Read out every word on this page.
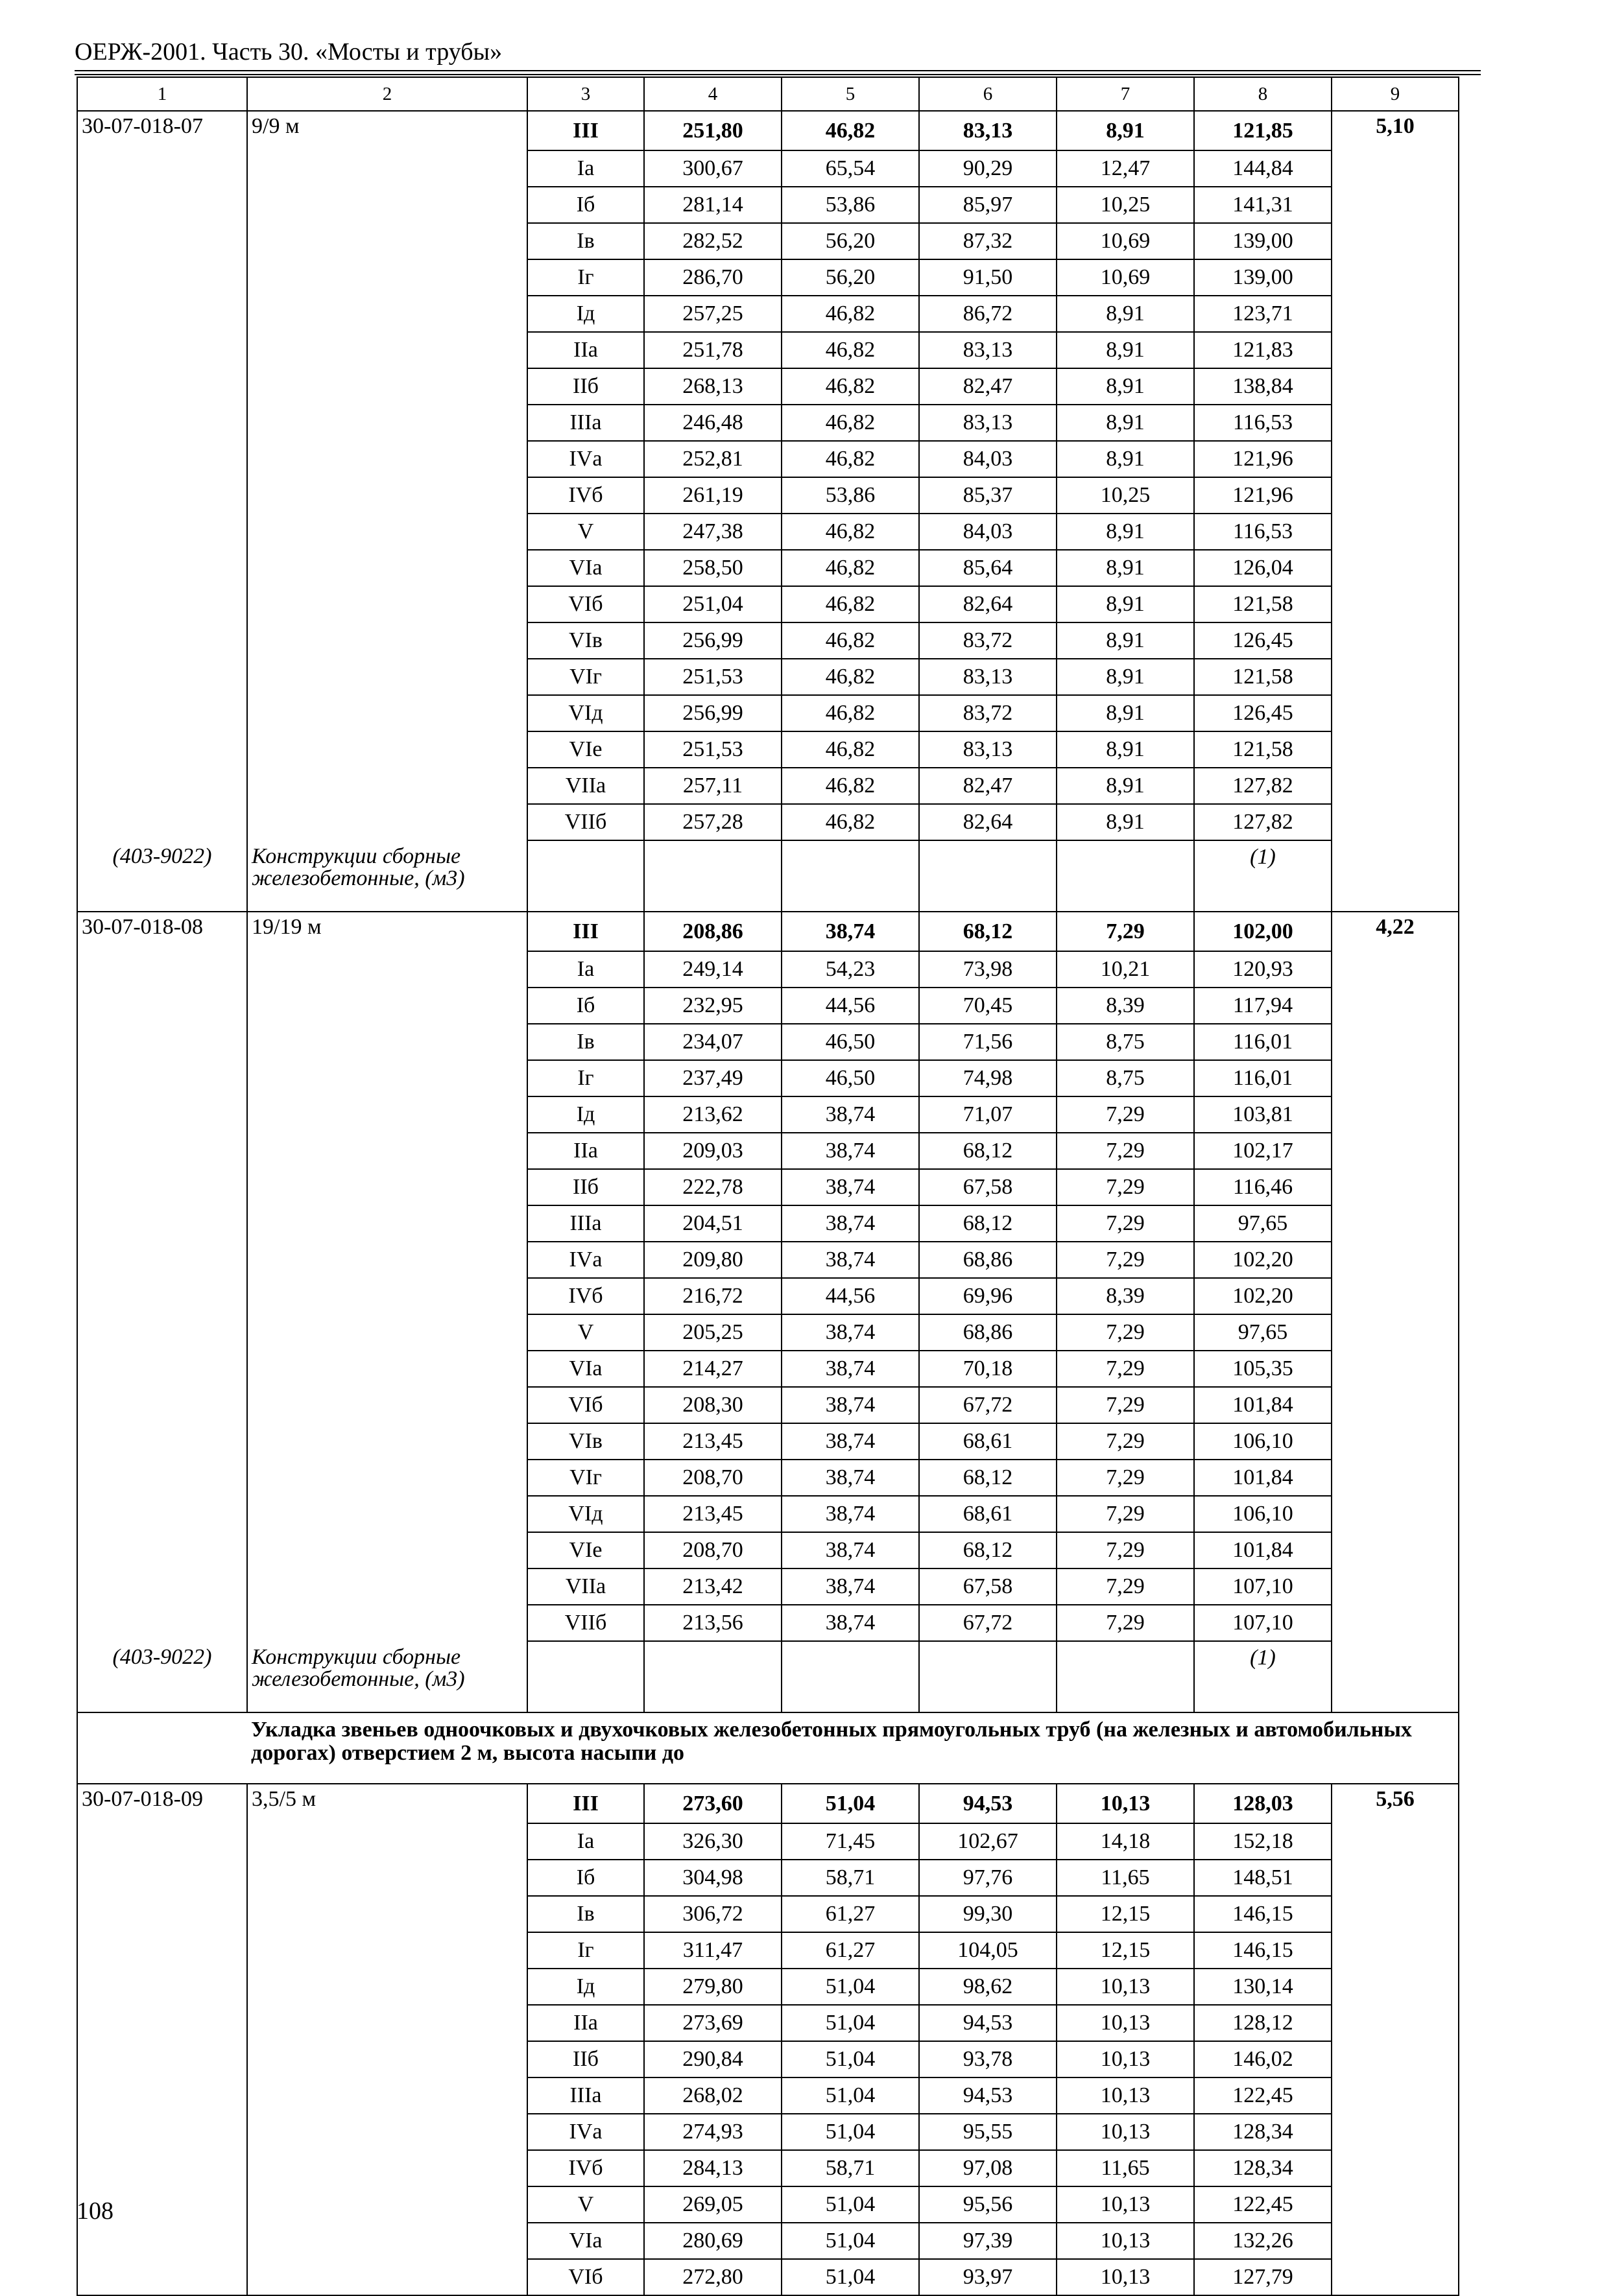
ОЕРЖ-2001. Часть 30. «Мосты и трубы»
1	2	3	4	5	6	7	8	9
30-07-018-07	9/9 м	III	251,80	46,82	83,13	8,91	121,85	5,10
		Iа	300,67	65,54	90,29	12,47	144,84	
		Iб	281,14	53,86	85,97	10,25	141,31	
		Iв	282,52	56,20	87,32	10,69	139,00	
		Iг	286,70	56,20	91,50	10,69	139,00	
		Iд	257,25	46,82	86,72	8,91	123,71	
		IIа	251,78	46,82	83,13	8,91	121,83	
		IIб	268,13	46,82	82,47	8,91	138,84	
		IIIа	246,48	46,82	83,13	8,91	116,53	
		IVа	252,81	46,82	84,03	8,91	121,96	
		IVб	261,19	53,86	85,37	10,25	121,96	
		V	247,38	46,82	84,03	8,91	116,53	
		VIа	258,50	46,82	85,64	8,91	126,04	
		VIб	251,04	46,82	82,64	8,91	121,58	
		VIв	256,99	46,82	83,72	8,91	126,45	
		VIг	251,53	46,82	83,13	8,91	121,58	
		VIд	256,99	46,82	83,72	8,91	126,45	
		VIе	251,53	46,82	83,13	8,91	121,58	
		VIIа	257,11	46,82	82,47	8,91	127,82	
		VIIб	257,28	46,82	82,64	8,91	127,82	
(403-9022)	Конструкции сборные железобетонные, (м3)						(1)	
30-07-018-08	19/19 м	III	208,86	38,74	68,12	7,29	102,00	4,22
		Iа	249,14	54,23	73,98	10,21	120,93	
		Iб	232,95	44,56	70,45	8,39	117,94	
		Iв	234,07	46,50	71,56	8,75	116,01	
		Iг	237,49	46,50	74,98	8,75	116,01	
		Iд	213,62	38,74	71,07	7,29	103,81	
		IIа	209,03	38,74	68,12	7,29	102,17	
		IIб	222,78	38,74	67,58	7,29	116,46	
		IIIа	204,51	38,74	68,12	7,29	97,65	
		IVа	209,80	38,74	68,86	7,29	102,20	
		IVб	216,72	44,56	69,96	8,39	102,20	
		V	205,25	38,74	68,86	7,29	97,65	
		VIа	214,27	38,74	70,18	7,29	105,35	
		VIб	208,30	38,74	67,72	7,29	101,84	
		VIв	213,45	38,74	68,61	7,29	106,10	
		VIг	208,70	38,74	68,12	7,29	101,84	
		VIд	213,45	38,74	68,61	7,29	106,10	
		VIе	208,70	38,74	68,12	7,29	101,84	
		VIIа	213,42	38,74	67,58	7,29	107,10	
		VIIб	213,56	38,74	67,72	7,29	107,10	
(403-9022)	Конструкции сборные железобетонные, (м3)						(1)	
	Укладка звеньев одноочковых и двухочковых железобетонных прямоугольных труб (на железных и автомобильных дорогах) отверстием 2 м, высота насыпи до							
30-07-018-09	3,5/5 м	III	273,60	51,04	94,53	10,13	128,03	5,56
		Iа	326,30	71,45	102,67	14,18	152,18	
		Iб	304,98	58,71	97,76	11,65	148,51	
		Iв	306,72	61,27	99,30	12,15	146,15	
		Iг	311,47	61,27	104,05	12,15	146,15	
		Iд	279,80	51,04	98,62	10,13	130,14	
		IIа	273,69	51,04	94,53	10,13	128,12	
		IIб	290,84	51,04	93,78	10,13	146,02	
		IIIа	268,02	51,04	94,53	10,13	122,45	
		IVа	274,93	51,04	95,55	10,13	128,34	
		IVб	284,13	58,71	97,08	11,65	128,34	
		V	269,05	51,04	95,56	10,13	122,45	
		VIа	280,69	51,04	97,39	10,13	132,26	
		VIб	272,80	51,04	93,97	10,13	127,79	
108
